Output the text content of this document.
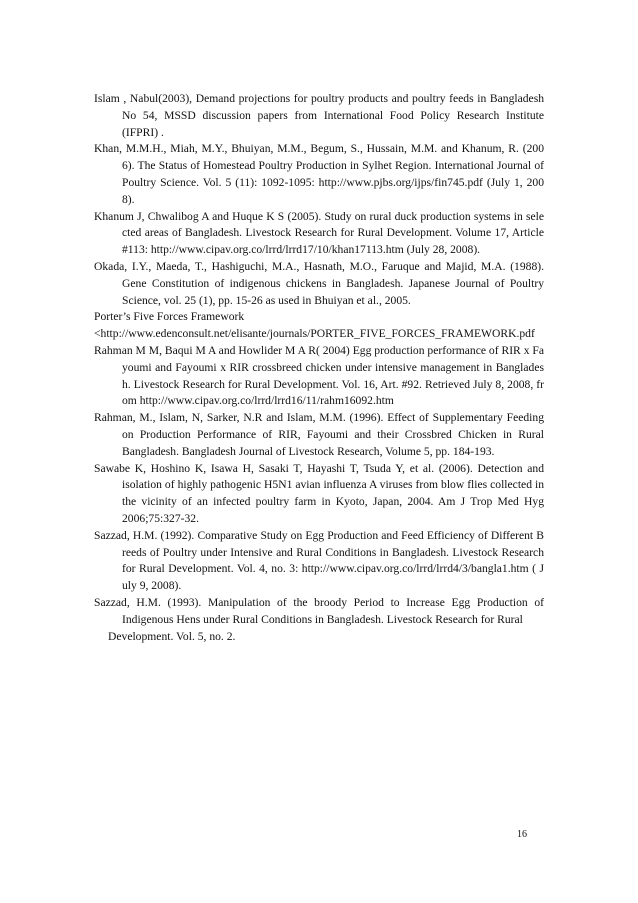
Islam , Nabul(2003), Demand projections for poultry products and poultry feeds in Bangladesh No 54, MSSD discussion papers from International Food Policy Research Institute (IFPRI) .

Khan, M.M.H., Miah, M.Y., Bhuiyan, M.M., Begum, S., Hussain, M.M. and Khanum, R. (2006). The Status of Homestead Poultry Production in Sylhet Region. International Journal of Poultry Science. Vol. 5 (11): 1092-1095: http://www.pjbs.org/ijps/fin745.pdf (July 1, 2008).

Khanum J, Chwalibog A and Huque K S (2005). Study on rural duck production systems in selected areas of Bangladesh. Livestock Research for Rural Development. Volume 17, Article #113: http://www.cipav.org.co/lrrd/lrrd17/10/khan17113.htm (July 28, 2008).

Okada, I.Y., Maeda, T., Hashiguchi, M.A., Hasnath, M.O., Faruque and Majid, M.A. (1988). Gene Constitution of indigenous chickens in Bangladesh. Japanese Journal of Poultry Science, vol. 25 (1), pp. 15-26 as used in Bhuiyan et al., 2005.

Porter’s Five Forces Framework

<http://www.edenconsult.net/elisante/journals/PORTER_FIVE_FORCES_FRAMEWORK.pdf

Rahman M M, Baqui M A and Howlider M A R( 2004) Egg production performance of RIR x Fayoumi and Fayoumi x RIR crossbreed chicken under intensive management in Bangladesh. Livestock Research for Rural Development. Vol. 16, Art. #92. Retrieved July 8, 2008, from http://www.cipav.org.co/lrrd/lrrd16/11/rahm16092.htm

Rahman, M., Islam, N, Sarker, N.R and Islam, M.M. (1996). Effect of Supplementary Feeding on Production Performance of RIR, Fayoumi and their Crossbred Chicken in Rural Bangladesh. Bangladesh Journal of Livestock Research, Volume 5, pp. 184-193.

Sawabe K, Hoshino K, Isawa H, Sasaki T, Hayashi T, Tsuda Y, et al. (2006). Detection and isolation of highly pathogenic H5N1 avian influenza A viruses from blow flies collected in the vicinity of an infected poultry farm in Kyoto, Japan, 2004. Am J Trop Med Hyg 2006;75:327-32.

Sazzad, H.M. (1992). Comparative Study on Egg Production and Feed Efficiency of Different Breeds of Poultry under Intensive and Rural Conditions in Bangladesh. Livestock Research for Rural Development. Vol. 4, no. 3: http://www.cipav.org.co/lrrd/lrrd4/3/bangla1.htm ( July 9, 2008).

Sazzad, H.M. (1993). Manipulation of the broody Period to Increase Egg Production of Indigenous Hens under Rural Conditions in Bangladesh. Livestock Research for Rural
Development. Vol. 5, no. 2.

16
